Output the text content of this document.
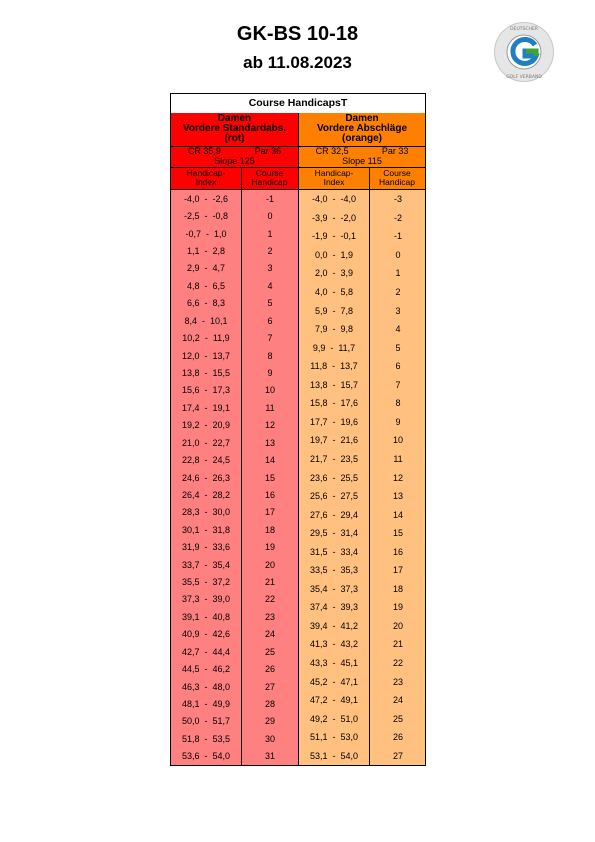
GK-BS 10-18
ab 11.08.2023
DEUTSCHER
GOLF VERBAND
Course HandicapsT
Damen
Vordere Standardabs.
(rot)
CR 35,9	Par 36
Slope 125
Handicap-
Index
Course
Handicap
-4,0  -  -2,6	-1
-2,5  -  -0,8	0
-0,7  -  1,0	1
1,1  -  2,8	2
2,9  -  4,7	3
4,8  -  6,5	4
6,6  -  8,3	5
8,4  -  10,1	6
10,2  -  11,9	7
12,0  -  13,7	8
13,8  -  15,5	9
15,6  -  17,3	10
17,4  -  19,1	11
19,2  -  20,9	12
21,0  -  22,7	13
22,8  -  24,5	14
24,6  -  26,3	15
26,4  -  28,2	16
28,3  -  30,0	17
30,1  -  31,8	18
31,9  -  33,6	19
33,7  -  35,4	20
35,5  -  37,2	21
37,3  -  39,0	22
39,1  -  40,8	23
40,9  -  42,6	24
42,7  -  44,4	25
44,5  -  46,2	26
46,3  -  48,0	27
48,1  -  49,9	28
50,0  -  51,7	29
51,8  -  53,5	30
53,6  -  54,0	31
Damen
Vordere Abschläge
(orange)
CR 32,5	Par 33
Slope 115
Handicap-
Index
Course
Handicap
-4,0  -  -4,0	-3
-3,9  -  -2,0	-2
-1,9  -  -0,1	-1
0,0  -  1,9	0
2,0  -  3,9	1
4,0  -  5,8	2
5,9  -  7,8	3
7,9  -  9,8	4
9,9  -  11,7	5
11,8  -  13,7	6
13,8  -  15,7	7
15,8  -  17,6	8
17,7  -  19,6	9
19,7  -  21,6	10
21,7  -  23,5	11
23,6  -  25,5	12
25,6  -  27,5	13
27,6  -  29,4	14
29,5  -  31,4	15
31,5  -  33,4	16
33,5  -  35,3	17
35,4  -  37,3	18
37,4  -  39,3	19
39,4  -  41,2	20
41,3  -  43,2	21
43,3  -  45,1	22
45,2  -  47,1	23
47,2  -  49,1	24
49,2  -  51,0	25
51,1  -  53,0	26
53,1  -  54,0	27
